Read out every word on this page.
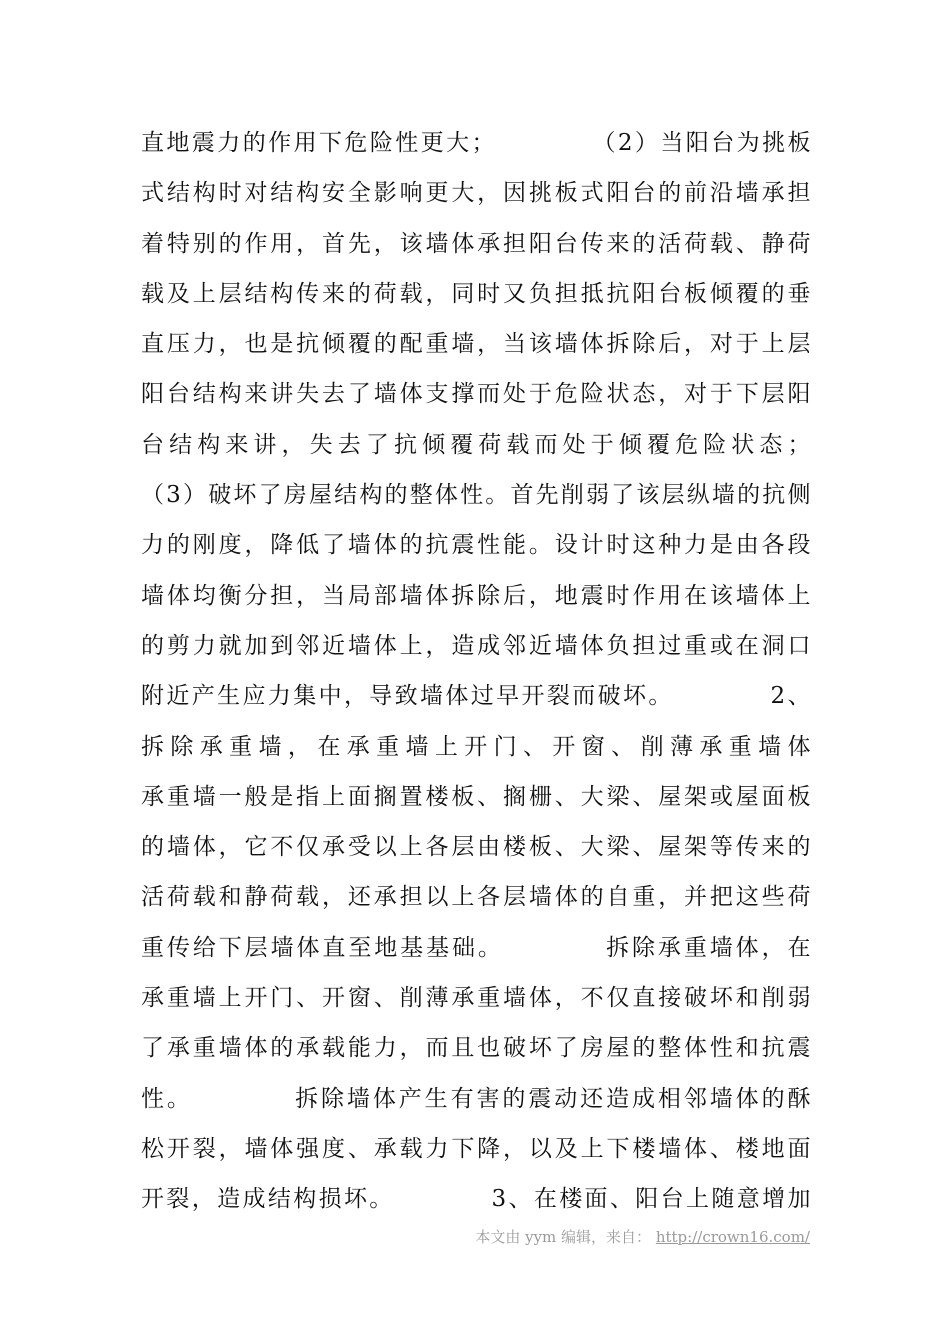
直地震力的作用下危险性更大；          （2）当阳台为挑板
式结构时对结构安全影响更大，因挑板式阳台的前沿墙承担
着特别的作用，首先，该墙体承担阳台传来的活荷载、静荷
载及上层结构传来的荷载，同时又负担抵抗阳台板倾覆的垂
直压力，也是抗倾覆的配重墙，当该墙体拆除后，对于上层
阳台结构来讲失去了墙体支撑而处于危险状态，对于下层阳
台结构来讲，失去了抗倾覆荷载而处于倾覆危险状态；
（3）破坏了房屋结构的整体性。首先削弱了该层纵墙的抗侧
力的刚度，降低了墙体的抗震性能。设计时这种力是由各段
墙体均衡分担，当局部墙体拆除后，地震时作用在该墙体上
的剪力就加到邻近墙体上，造成邻近墙体负担过重或在洞口
附近产生应力集中，导致墙体过早开裂而破坏。          2、
拆除承重墙，在承重墙上开门、开窗、削薄承重墙体
承重墙一般是指上面搁置楼板、搁栅、大梁、屋架或屋面板
的墙体，它不仅承受以上各层由楼板、大梁、屋架等传来的
活荷载和静荷载，还承担以上各层墙体的自重，并把这些荷
重传给下层墙体直至地基基础。          拆除承重墙体，在
承重墙上开门、开窗、削薄承重墙体，不仅直接破坏和削弱
了承重墙体的承载能力，而且也破坏了房屋的整体性和抗震
性。          拆除墙体产生有害的震动还造成相邻墙体的酥
松开裂，墙体强度、承载力下降，以及上下楼墙体、楼地面
开裂，造成结构损坏。          3、在楼面、阳台上随意增加
本文由 yym 编辑，来自： http://crown16.com/
